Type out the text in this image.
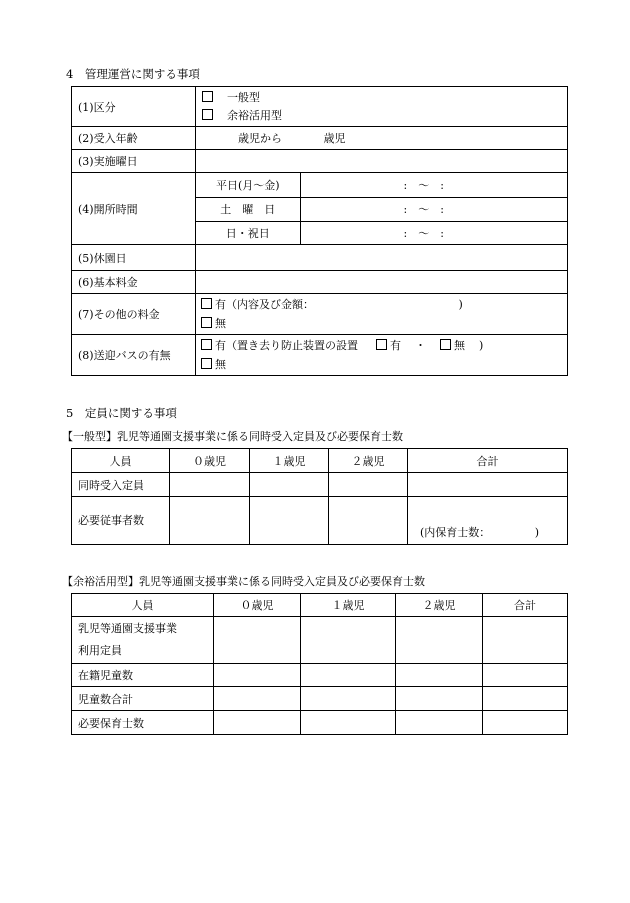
4　管理運営に関する事項
(1)区分	
　一般型
　余裕活用型

(2)受入年齢	歳児から	歳児
(3)実施曜日	
(4)開所時間	
平日(月～金)	:　～　:
土　曜　日	:　～　:
日・祝日	:　～　:

(5)休園日	
(6)基本料金	
(7)その他の料金	
有（内容及び金額：	)
無

(8)送迎バスの有無	
有（置き去り防止装置の設置	有 ・	無 )
無
5　定員に関する事項
【一般型】乳児等通園支援事業に係る同時受入定員及び必要保育士数
人員	０歳児	１歳児	２歳児	合計
同時受入定員				
必要従事者数				(内保育士数： )
【余裕活用型】乳児等通園支援事業に係る同時受入定員及び必要保育士数
人員	０歳児	１歳児	２歳児	合計

乳児等通園支援事業
利用定員				

在籍児童数				
児童数合計				
必要保育士数				
